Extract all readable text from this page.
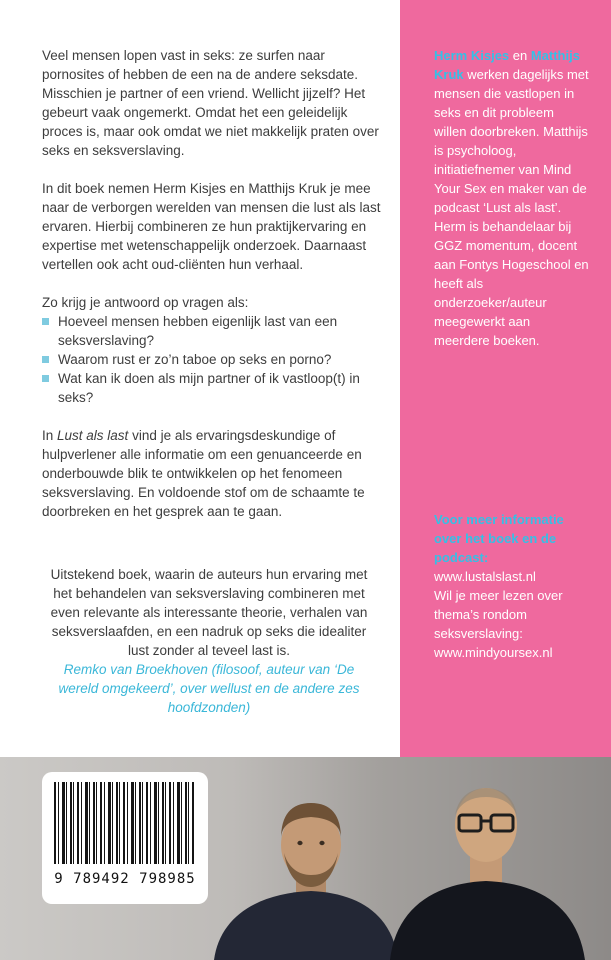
Veel mensen lopen vast in seks: ze surfen naar pornosites of hebben de een na de andere seksdate. Misschien je partner of een vriend. Wellicht jijzelf? Het gebeurt vaak ongemerkt. Omdat het een geleidelijk proces is, maar ook omdat we niet makkelijk praten over seks en seksverslaving.

In dit boek nemen Herm Kisjes en Matthijs Kruk je mee naar de verborgen werelden van mensen die lust als last ervaren. Hierbij combineren ze hun praktijkervaring en expertise met wetenschappelijk onderzoek. Daarnaast vertellen ook acht oud-cliënten hun verhaal.

Zo krijg je antwoord op vragen als:

Hoeveel mensen hebben eigenlijk last van een seksverslaving?
Waarom rust er zo’n taboe op seks en porno?
Wat kan ik doen als mijn partner of ik vastloop(t) in seks?

In Lust als last vind je als ervaringsdeskundige of hulpverlener alle informatie om een genuanceerde en onderbouwde blik te ontwikkelen op het fenomeen seksverslaving. En voldoende stof om de schaamte te doorbreken en het gesprek aan te gaan.

Uitstekend boek, waarin de auteurs hun ervaring met het behandelen van seksverslaving combineren met even relevante als interessante theorie, verhalen van seksverslaafden, en een nadruk op seks die idealiter lust zonder al teveel last is.

Remko van Broekhoven (filosoof, auteur van ‘De wereld omgekeerd’, over wellust en de andere zes hoofdzonden)

Herm Kisjes en Matthijs Kruk werken dagelijks met mensen die vastlopen in seks en dit probleem willen doorbreken. Matthijs is psycholoog, initiatiefnemer van Mind Your Sex en maker van de podcast ‘Lust als last’. Herm is behandelaar bij GGZ momentum, docent aan Fontys Hogeschool en heeft als onderzoeker/auteur meegewerkt aan meerdere boeken.

Voor meer informatie over het boek en de podcast:

www.lustalslast.nl

Wil je meer lezen over thema’s rondom seksverslaving:

www.mindyoursex.nl

9 789492 798985
